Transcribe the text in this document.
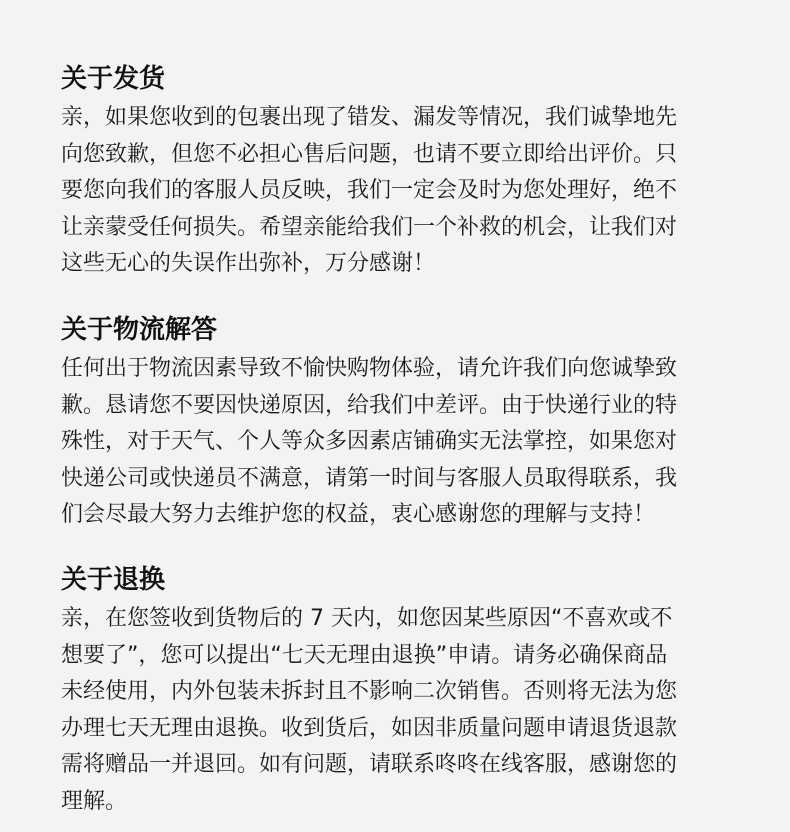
关于发货
亲，如果您收到的包裹出现了错发、漏发等情况，我们诚挚地先
向您致歉，但您不必担心售后问题，也请不要立即给出评价。只
要您向我们的客服人员反映，我们一定会及时为您处理好，绝不
让亲蒙受任何损失。希望亲能给我们一个补救的机会，让我们对
这些无心的失误作出弥补，万分感谢！
关于物流解答
任何出于物流因素导致不愉快购物体验，请允许我们向您诚挚致
歉。恳请您不要因快递原因，给我们中差评。由于快递行业的特
殊性，对于天气、个人等众多因素店铺确实无法掌控，如果您对
快递公司或快递员不满意，请第一时间与客服人员取得联系，我
们会尽最大努力去维护您的权益，衷心感谢您的理解与支持！
关于退换
亲，在您签收到货物后的 7 天内，如您因某些原因“不喜欢或不
想要了”，您可以提出“七天无理由退换”申请。请务必确保商品
未经使用，内外包装未拆封且不影响二次销售。否则将无法为您
办理七天无理由退换。收到货后，如因非质量问题申请退货退款
需将赠品一并退回。如有问题，请联系咚咚在线客服，感谢您的
理解。
